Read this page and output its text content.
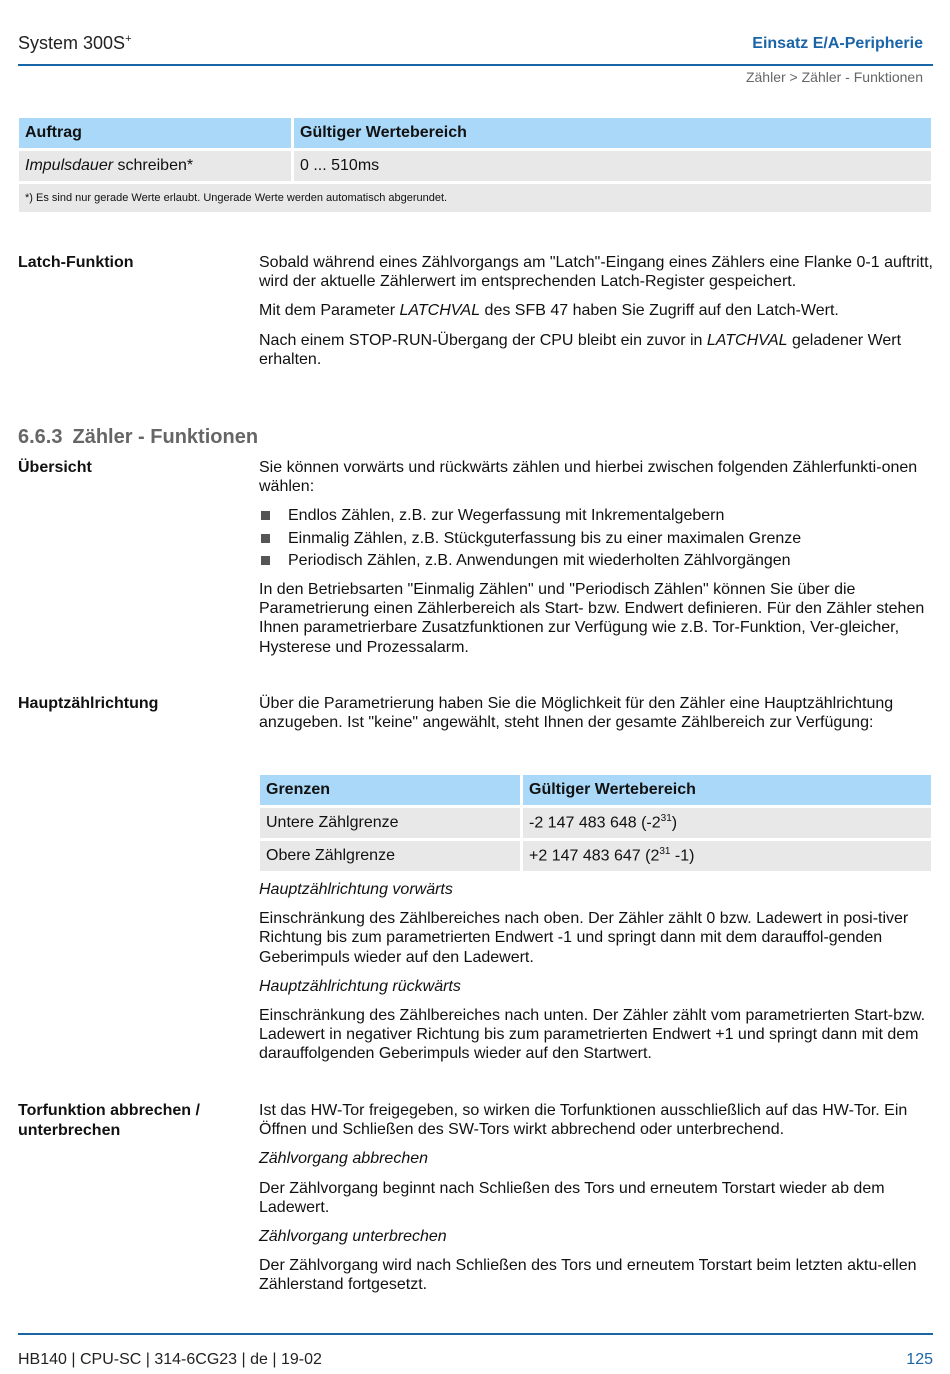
System 300S+	Einsatz E/A-Peripherie
Zähler > Zähler - Funktionen
Auftrag	Gültiger Wertebereich
Impulsdauer schreiben*	0 ... 510ms
*) Es sind nur gerade Werte erlaubt. Ungerade Werte werden automatisch abgerundet.	
Latch-Funktion	Sobald während eines Zählvorgangs am "Latch"-Eingang eines Zählers eine Flanke 0-1 auftritt, wird der aktuelle Zählerwert im entsprechenden Latch-Register gespeichert.

Mit dem Parameter LATCHVAL des SFB 47 haben Sie Zugriff auf den Latch-Wert.

Nach einem STOP-RUN-Übergang der CPU bleibt ein zuvor in LATCHVAL geladener Wert erhalten.

6.6.3 Zähler - Funktionen
Übersicht	Sie können vorwärts und rückwärts zählen und hierbei zwischen folgenden Zählerfunkti-onen wählen:

Endlos Zählen, z.B. zur Wegerfassung mit Inkrementalgebern
Einmalig Zählen, z.B. Stückguterfassung bis zu einer maximalen Grenze
Periodisch Zählen, z.B. Anwendungen mit wiederholten Zählvorgängen

In den Betriebsarten "Einmalig Zählen" und "Periodisch Zählen" können Sie über die Parametrierung einen Zählerbereich als Start- bzw. Endwert definieren. Für den Zähler stehen Ihnen parametrierbare Zusatzfunktionen zur Verfügung wie z.B. Tor-Funktion, Ver-gleicher, Hysterese und Prozessalarm.

Hauptzählrichtung	Über die Parametrierung haben Sie die Möglichkeit für den Zähler eine Hauptzählrichtung anzugeben. Ist "keine" angewählt, steht Ihnen der gesamte Zählbereich zur Verfügung:

Grenzen	Gültiger Wertebereich
Untere Zählgrenze	-2 147 483 648 $(-2^{31})$
Obere Zählgrenze	+2 147 483 647 ($2^{31}$ -1)

Hauptzählrichtung vorwärts

Einschränkung des Zählbereiches nach oben. Der Zähler zählt 0 bzw. Ladewert in posi-tiver Richtung bis zum parametrierten Endwert -1 und springt dann mit dem darauffol-genden Geberimpuls wieder auf den Ladewert.

Hauptzählrichtung rückwärts

Einschränkung des Zählbereiches nach unten. Der Zähler zählt vom parametrierten Start-bzw. Ladewert in negativer Richtung bis zum parametrierten Endwert +1 und springt dann mit dem darauffolgenden Geberimpuls wieder auf den Startwert.

Torfunktion abbrechen / unterbrechen

Ist das HW-Tor freigegeben, so wirken die Torfunktionen ausschließlich auf das HW-Tor. Ein Öffnen und Schließen des SW-Tors wirkt abbrechend oder unterbrechend.

Zählvorgang abbrechen

Der Zählvorgang beginnt nach Schließen des Tors und erneutem Torstart wieder ab dem Ladewert.

Zählvorgang unterbrechen

Der Zählvorgang wird nach Schließen des Tors und erneutem Torstart beim letzten aktu-ellen Zählerstand fortgesetzt.

HB140 | CPU-SC | 314-6CG23 | de | 19-02	125
